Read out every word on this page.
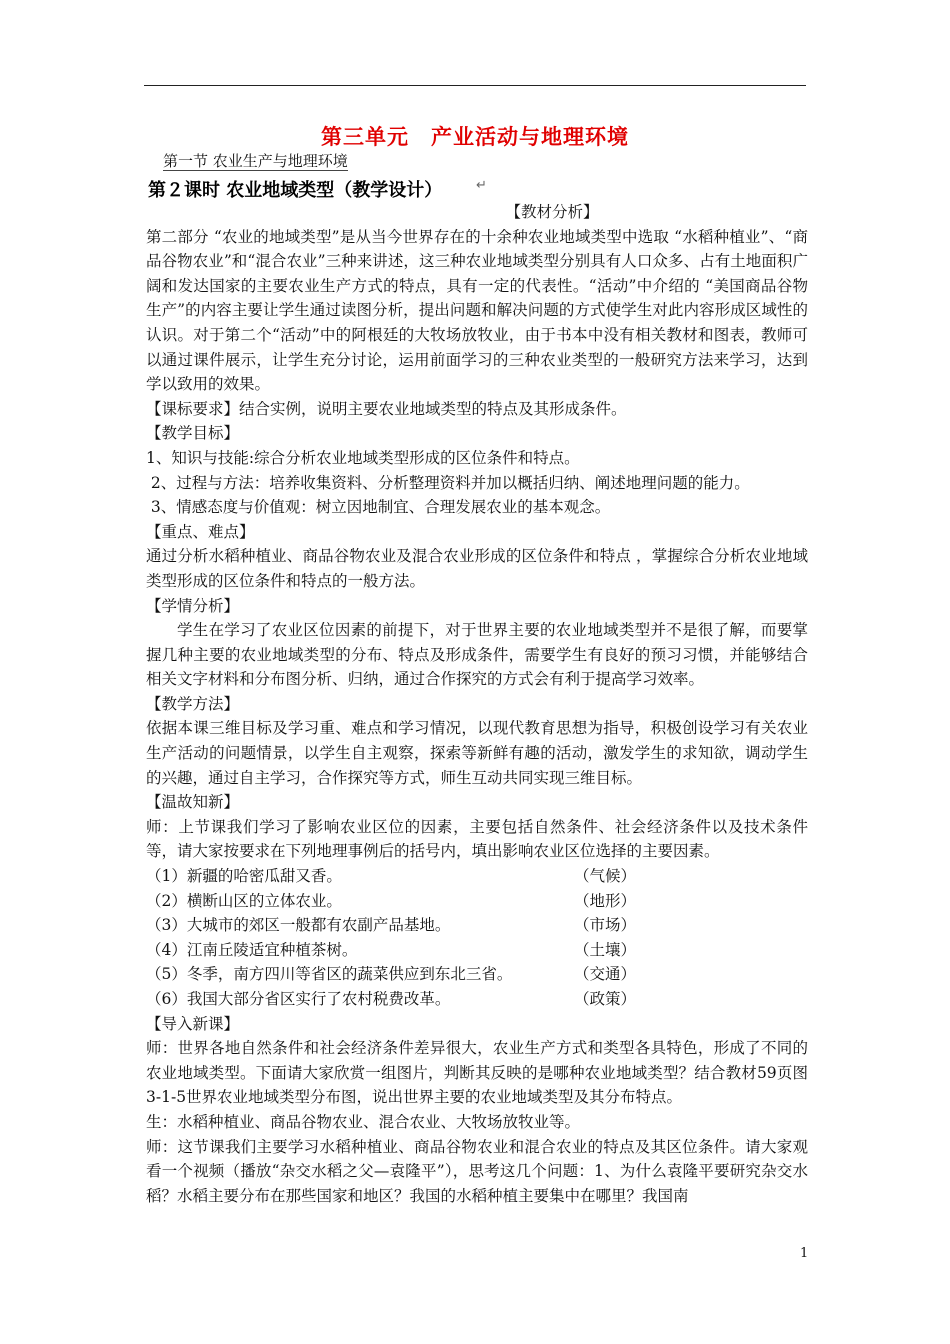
第三单元　产业活动与地理环境
第一节 农业生产与地理环境
第２课时 农业地域类型（教学设计）	↵

【教材分析】

第二部分 “农业的地域类型”是从当今世界存在的十余种农业地域类型中选取 “水稻种植业”、“商品谷物农业”和“混合农业”三种来讲述，这三种农业地域类型分别具有人口众多、占有土地面积广阔和发达国家的主要农业生产方式的特点，具有一定的代表性。“活动”中介绍的 “美国商品谷物生产”的内容主要让学生通过读图分析，提出问题和解决问题的方式使学生对此内容形成区域性的认识。对于第二个“活动”中的阿根廷的大牧场放牧业，由于书本中没有相关教材和图表，教师可以通过课件展示，让学生充分讨论，运用前面学习的三种农业类型的一般研究方法来学习，达到学以致用的效果。

【课标要求】结合实例，说明主要农业地域类型的特点及其形成条件。

【教学目标】

1、知识与技能:综合分析农业地域类型形成的区位条件和特点。

2、过程与方法：培养收集资料、分析整理资料并加以概括归纳、阐述地理问题的能力。

3、情感态度与价值观：树立因地制宜、合理发展农业的基本观念。

【重点、难点】

通过分析水稻种植业、商品谷物农业及混合农业形成的区位条件和特点 ，掌握综合分析农业地域类型形成的区位条件和特点的一般方法。

【学情分析】

学生在学习了农业区位因素的前提下，对于世界主要的农业地域类型并不是很了解，而要掌握几种主要的农业地域类型的分布、特点及形成条件，需要学生有良好的预习习惯，并能够结合相关文字材料和分布图分析、归纳，通过合作探究的方式会有利于提高学习效率。

【教学方法】

依据本课三维目标及学习重、难点和学习情况，以现代教育思想为指导，积极创设学习有关农业生产活动的问题情景，以学生自主观察，探索等新鲜有趣的活动，激发学生的求知欲，调动学生的兴趣，通过自主学习，合作探究等方式，师生互动共同实现三维目标。

【温故知新】

师：上节课我们学习了影响农业区位的因素，主要包括自然条件、社会经济条件以及技术条件等，请大家按要求在下列地理事例后的括号内，填出影响农业区位选择的主要因素。

（1）新疆的哈密瓜甜又香。	（气候）
（2）横断山区的立体农业。	（地形）
（3）大城市的郊区一般都有农副产品基地。	（市场）
（4）江南丘陵适宜种植茶树。	（土壤）
（5）冬季，南方四川等省区的蔬菜供应到东北三省。	（交通）
（6）我国大部分省区实行了农村税费改革。	（政策）

【导入新课】

师：世界各地自然条件和社会经济条件差异很大，农业生产方式和类型各具特色，形成了不同的农业地域类型。下面请大家欣赏一组图片，判断其反映的是哪种农业地域类型？结合教材59页图3-1-5世界农业地域类型分布图，说出世界主要的农业地域类型及其分布特点。

生：水稻种植业、商品谷物农业、混合农业、大牧场放牧业等。

师：这节课我们主要学习水稻种植业、商品谷物农业和混合农业的特点及其区位条件。请大家观看一个视频（播放“杂交水稻之父—袁隆平”），思考这几个问题：1、为什么袁隆平要研究杂交水稻？水稻主要分布在那些国家和地区？我国的水稻种植主要集中在哪里？我国南

1
